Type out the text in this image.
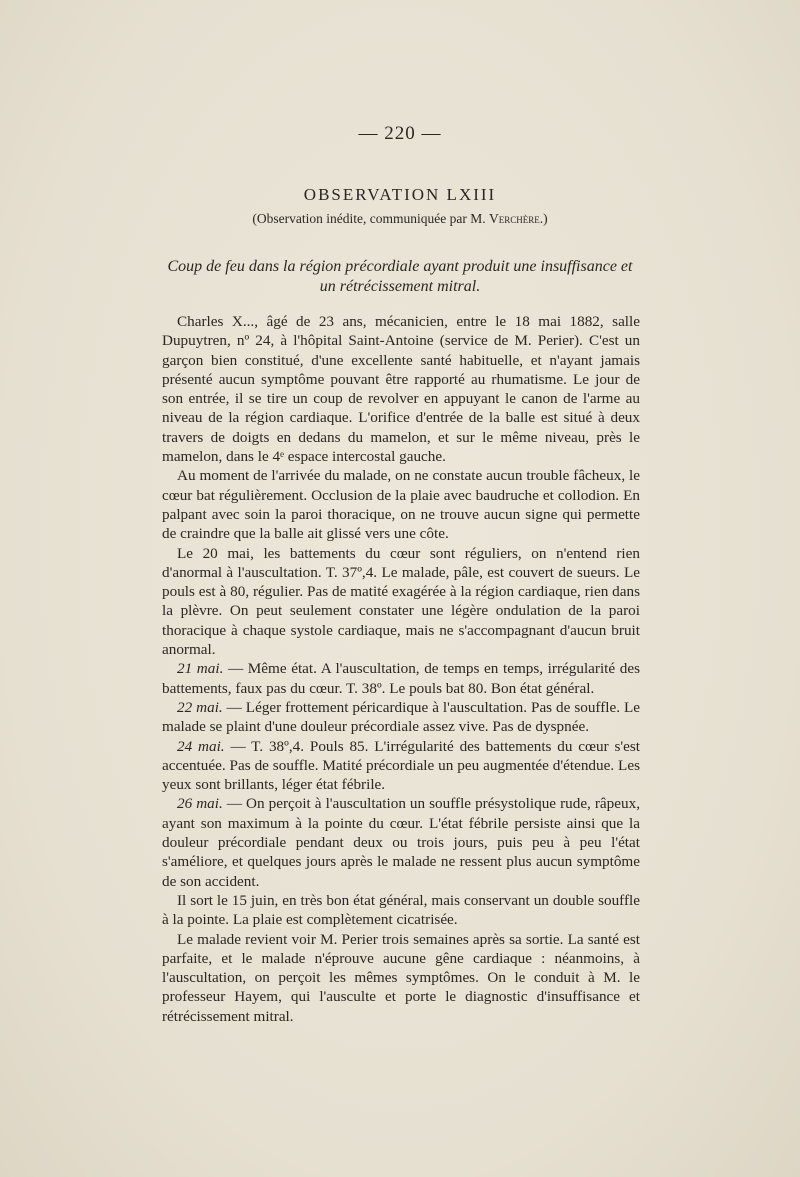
— 220 —
OBSERVATION LXIII
(Observation inédite, communiquée par M. Verchère.)
Coup de feu dans la région précordiale ayant produit une insuffisance et un rétrécissement mitral.

Charles X..., âgé de 23 ans, mécanicien, entre le 18 mai 1882, salle Dupuytren, nº 24, à l'hôpital Saint-Antoine (service de M. Perier). C'est un garçon bien constitué, d'une excellente santé habituelle, et n'ayant jamais présenté aucun symptôme pouvant être rapporté au rhumatisme. Le jour de son entrée, il se tire un coup de revolver en appuyant le canon de l'arme au niveau de la région cardiaque. L'orifice d'entrée de la balle est situé à deux travers de doigts en dedans du mamelon, et sur le même niveau, près le mamelon, dans le 4ᵉ espace intercostal gauche.

Au moment de l'arrivée du malade, on ne constate aucun trouble fâcheux, le cœur bat régulièrement. Occlusion de la plaie avec baudruche et collodion. En palpant avec soin la paroi thoracique, on ne trouve aucun signe qui permette de craindre que la balle ait glissé vers une côte.

Le 20 mai, les battements du cœur sont réguliers, on n'entend rien d'anormal à l'auscultation. T. 37º,4. Le malade, pâle, est couvert de sueurs. Le pouls est à 80, régulier. Pas de matité exagérée à la région cardiaque, rien dans la plèvre. On peut seulement constater une légère ondulation de la paroi thoracique à chaque systole cardiaque, mais ne s'accompagnant d'aucun bruit anormal.

21 mai. — Même état. A l'auscultation, de temps en temps, irrégularité des battements, faux pas du cœur. T. 38º. Le pouls bat 80. Bon état général.

22 mai. — Léger frottement péricardique à l'auscultation. Pas de souffle. Le malade se plaint d'une douleur précordiale assez vive. Pas de dyspnée.

24 mai. — T. 38º,4. Pouls 85. L'irrégularité des battements du cœur s'est accentuée. Pas de souffle. Matité précordiale un peu augmentée d'étendue. Les yeux sont brillants, léger état fébrile.

26 mai. — On perçoit à l'auscultation un souffle présystolique rude, râpeux, ayant son maximum à la pointe du cœur. L'état fébrile persiste ainsi que la douleur précordiale pendant deux ou trois jours, puis peu à peu l'état s'améliore, et quelques jours après le malade ne ressent plus aucun symptôme de son accident.

Il sort le 15 juin, en très bon état général, mais conservant un double souffle à la pointe. La plaie est complètement cicatrisée.

Le malade revient voir M. Perier trois semaines après sa sortie. La santé est parfaite, et le malade n'éprouve aucune gêne cardiaque : néanmoins, à l'auscultation, on perçoit les mêmes symptômes. On le conduit à M. le professeur Hayem, qui l'ausculte et porte le diagnostic d'insuffisance et rétrécissement mitral.
